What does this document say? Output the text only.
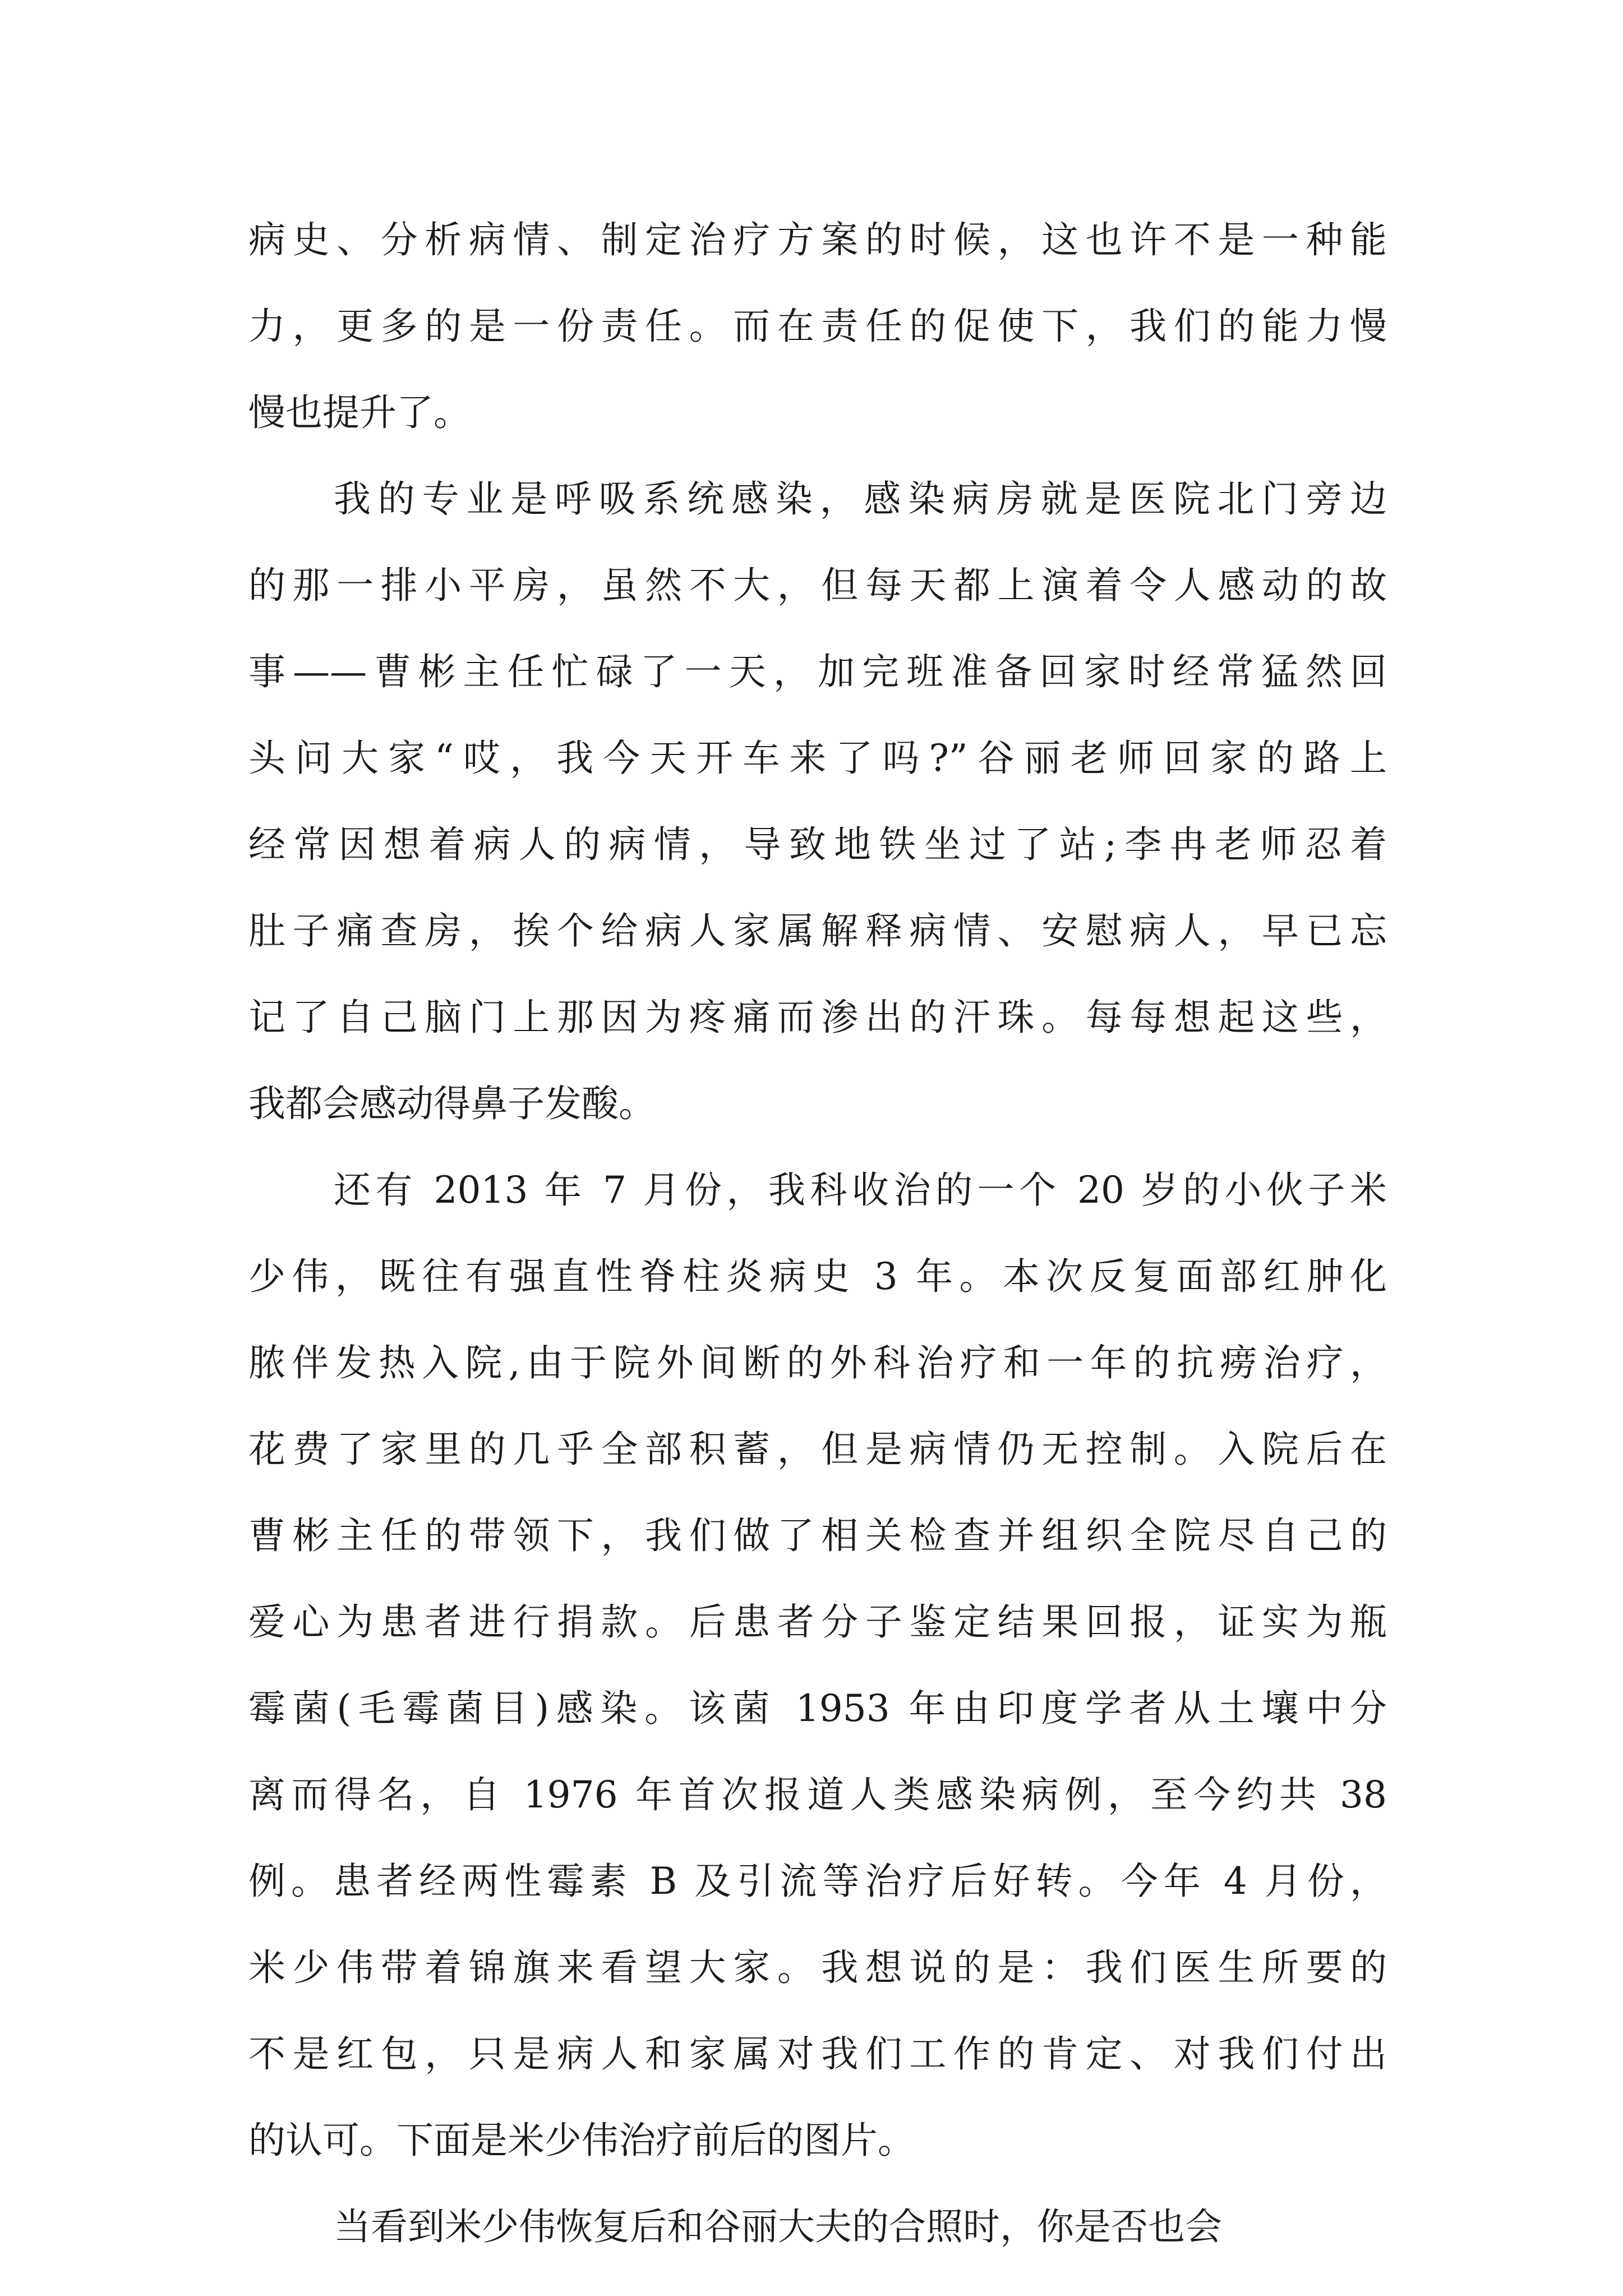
病史、分析病情、制定治疗方案的时候，这也许不是一种能
力，更多的是一份责任。而在责任的促使下，我们的能力慢
慢也提升了。
我的专业是呼吸系统感染，感染病房就是医院北门旁边
的那一排小平房，虽然不大，但每天都上演着令人感动的故
事——曹彬主任忙碌了一天，加完班准备回家时经常猛然回
头问大家“哎，我今天开车来了吗?”谷丽老师回家的路上
经常因想着病人的病情，导致地铁坐过了站;李冉老师忍着
肚子痛查房，挨个给病人家属解释病情、安慰病人，早已忘
记了自己脑门上那因为疼痛而渗出的汗珠。每每想起这些，
我都会感动得鼻子发酸。
还有 2013 年 7 月份，我科收治的一个 20 岁的小伙子米
少伟，既往有强直性脊柱炎病史 3 年。本次反复面部红肿化
脓伴发热入院,由于院外间断的外科治疗和一年的抗痨治疗，
花费了家里的几乎全部积蓄，但是病情仍无控制。入院后在
曹彬主任的带领下，我们做了相关检查并组织全院尽自己的
爱心为患者进行捐款。后患者分子鉴定结果回报，证实为瓶
霉菌(毛霉菌目)感染。该菌 1953 年由印度学者从土壤中分
离而得名，自 1976 年首次报道人类感染病例，至今约共 38
例。患者经两性霉素 B 及引流等治疗后好转。今年 4 月份，
米少伟带着锦旗来看望大家。我想说的是：我们医生所要的
不是红包，只是病人和家属对我们工作的肯定、对我们付出
的认可。下面是米少伟治疗前后的图片。
当看到米少伟恢复后和谷丽大夫的合照时，你是否也会
